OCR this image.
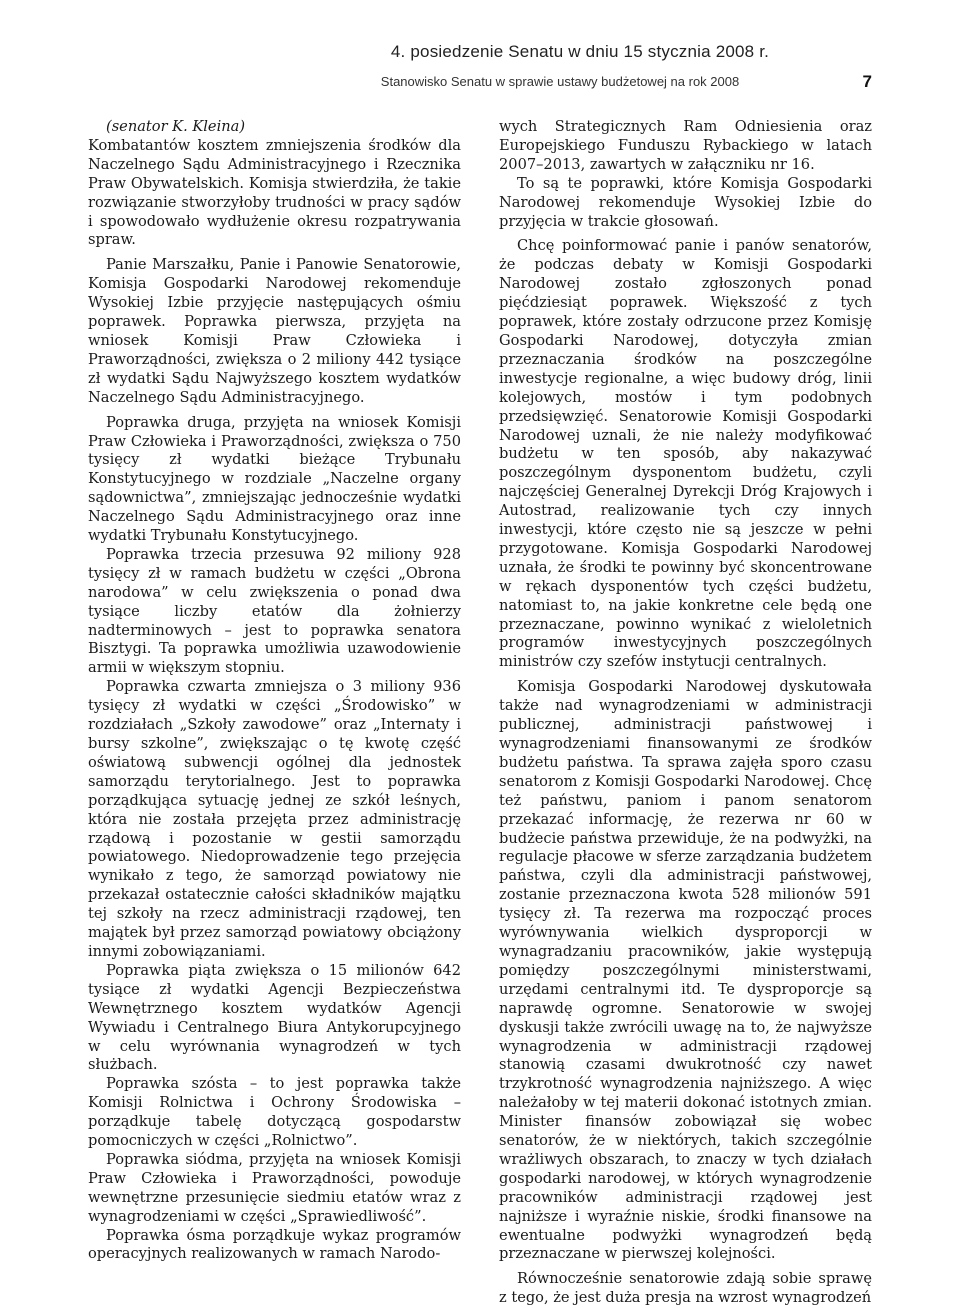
4. posiedzenie Senatu w dniu 15 stycznia 2008 r.
Stanowisko Senatu w sprawie ustawy budżetowej na rok 2008	7

(senator K. Kleina)

Kombatantów kosztem zmniejszenia środków dla Naczelnego Sądu Administracyjnego i Rzecznika Praw Obywatelskich. Komisja stwierdziła, że takie rozwiązanie stworzyłoby trudności w pracy sądów i spowodowało wydłużenie okresu rozpatrywania spraw.

Panie Marszałku, Panie i Panowie Senatorowie, Komisja Gospodarki Narodowej rekomenduje Wysokiej Izbie przyjęcie następujących ośmiu poprawek. Poprawka pierwsza, przyjęta na wniosek Komisji Praw Człowieka i Praworządności, zwiększa o 2 miliony 442 tysiące zł wydatki Sądu Najwyższego kosztem wydatków Naczelnego Sądu Administracyjnego.

Poprawka druga, przyjęta na wniosek Komisji Praw Człowieka i Praworządności, zwiększa o 750 tysięcy zł wydatki bieżące Trybunału Konstytucyjnego w rozdziale „Naczelne organy sądownictwa”, zmniejszając jednocześnie wydatki Naczelnego Sądu Administracyjnego oraz inne wydatki Trybunału Konstytucyjnego.

Poprawka trzecia przesuwa 92 miliony 928 tysięcy zł w ramach budżetu w części „Obrona narodowa” w celu zwiększenia o ponad dwa tysiące liczby etatów dla żołnierzy nadterminowych – jest to poprawka senatora Bisztygi. Ta poprawka umożliwia uzawodowienie armii w większym stopniu.

Poprawka czwarta zmniejsza o 3 miliony 936 tysięcy zł wydatki w części „Środowisko” w rozdziałach „Szkoły zawodowe” oraz „Internaty i bursy szkolne”, zwiększając o tę kwotę część oświatową subwencji ogólnej dla jednostek samorządu terytorialnego. Jest to poprawka porządkująca sytuację jednej ze szkół leśnych, która nie została przejęta przez administrację rządową i pozostanie w gestii samorządu powiatowego. Niedoprowadzenie tego przejęcia wynikało z tego, że samorząd powiatowy nie przekazał ostatecznie całości składników majątku tej szkoły na rzecz administracji rządowej, ten majątek był przez samorząd powiatowy obciążony innymi zobowiązaniami.

Poprawka piąta zwiększa o 15 milionów 642 tysiące zł wydatki Agencji Bezpieczeństwa Wewnętrznego kosztem wydatków Agencji Wywiadu i Centralnego Biura Antykorupcyjnego w celu wyrównania wynagrodzeń w tych służbach.

Poprawka szósta – to jest poprawka także Komisji Rolnictwa i Ochrony Środowiska – porządkuje tabelę dotyczącą gospodarstw pomocniczych w części „Rolnictwo”.

Poprawka siódma, przyjęta na wniosek Komisji Praw Człowieka i Praworządności, powoduje wewnętrzne przesunięcie siedmiu etatów wraz z wynagrodzeniami w części „Sprawiedliwość”.

Poprawka ósma porządkuje wykaz programów operacyjnych realizowanych w ramach Narodo-

wych Strategicznych Ram Odniesienia oraz Europejskiego Funduszu Rybackiego w latach 2007–2013, zawartych w załączniku nr 16.

To są te poprawki, które Komisja Gospodarki Narodowej rekomenduje Wysokiej Izbie do przyjęcia w trakcie głosowań.

Chcę poinformować panie i panów senatorów, że podczas debaty w Komisji Gospodarki Narodowej zostało zgłoszonych ponad pięćdziesiąt poprawek. Większość z tych poprawek, które zostały odrzucone przez Komisję Gospodarki Narodowej, dotyczyła zmian przeznaczania środków na poszczególne inwestycje regionalne, a więc budowy dróg, linii kolejowych, mostów i tym podobnych przedsięwzięć. Senatorowie Komisji Gospodarki Narodowej uznali, że nie należy modyfikować budżetu w ten sposób, aby nakazywać poszczególnym dysponentom budżetu, czyli najczęściej Generalnej Dyrekcji Dróg Krajowych i Autostrad, realizowanie tych czy innych inwestycji, które często nie są jeszcze w pełni przygotowane. Komisja Gospodarki Narodowej uznała, że środki te powinny być skoncentrowane w rękach dysponentów tych części budżetu, natomiast to, na jakie konkretne cele będą one przeznaczane, powinno wynikać z wieloletnich programów inwestycyjnych poszczególnych ministrów czy szefów instytucji centralnych.

Komisja Gospodarki Narodowej dyskutowała także nad wynagrodzeniami w administracji publicznej, administracji państwowej i wynagrodzeniami finansowanymi ze środków budżetu państwa. Ta sprawa zajęła sporo czasu senatorom z Komisji Gospodarki Narodowej. Chcę też państwu, paniom i panom senatorom przekazać informację, że rezerwa nr 60 w budżecie państwa przewiduje, że na podwyżki, na regulacje płacowe w sferze zarządzania budżetem państwa, czyli dla administracji państwowej, zostanie przeznaczona kwota 528 milionów 591 tysięcy zł. Ta rezerwa ma rozpocząć proces wyrównywania wielkich dysproporcji w wynagradzaniu pracowników, jakie występują pomiędzy poszczególnymi ministerstwami, urzędami centralnymi itd. Te dysproporcje są naprawdę ogromne. Senatorowie w swojej dyskusji także zwrócili uwagę na to, że najwyższe wynagrodzenia w administracji rządowej stanowią czasami dwukrotność czy nawet trzykrotność wynagrodzenia najniższego. A więc należałoby w tej materii dokonać istotnych zmian. Minister finansów zobowiązał się wobec senatorów, że w niektórych, takich szczególnie wrażliwych obszarach, to znaczy w tych działach gospodarki narodowej, w których wynagrodzenie pracowników administracji rządowej jest najniższe i wyraźnie niskie, środki finansowe na ewentualne podwyżki wynagrodzeń będą przeznaczane w pierwszej kolejności.

Równocześnie senatorowie zdają sobie sprawę z tego, że jest duża presja na wzrost wynagrodzeń
